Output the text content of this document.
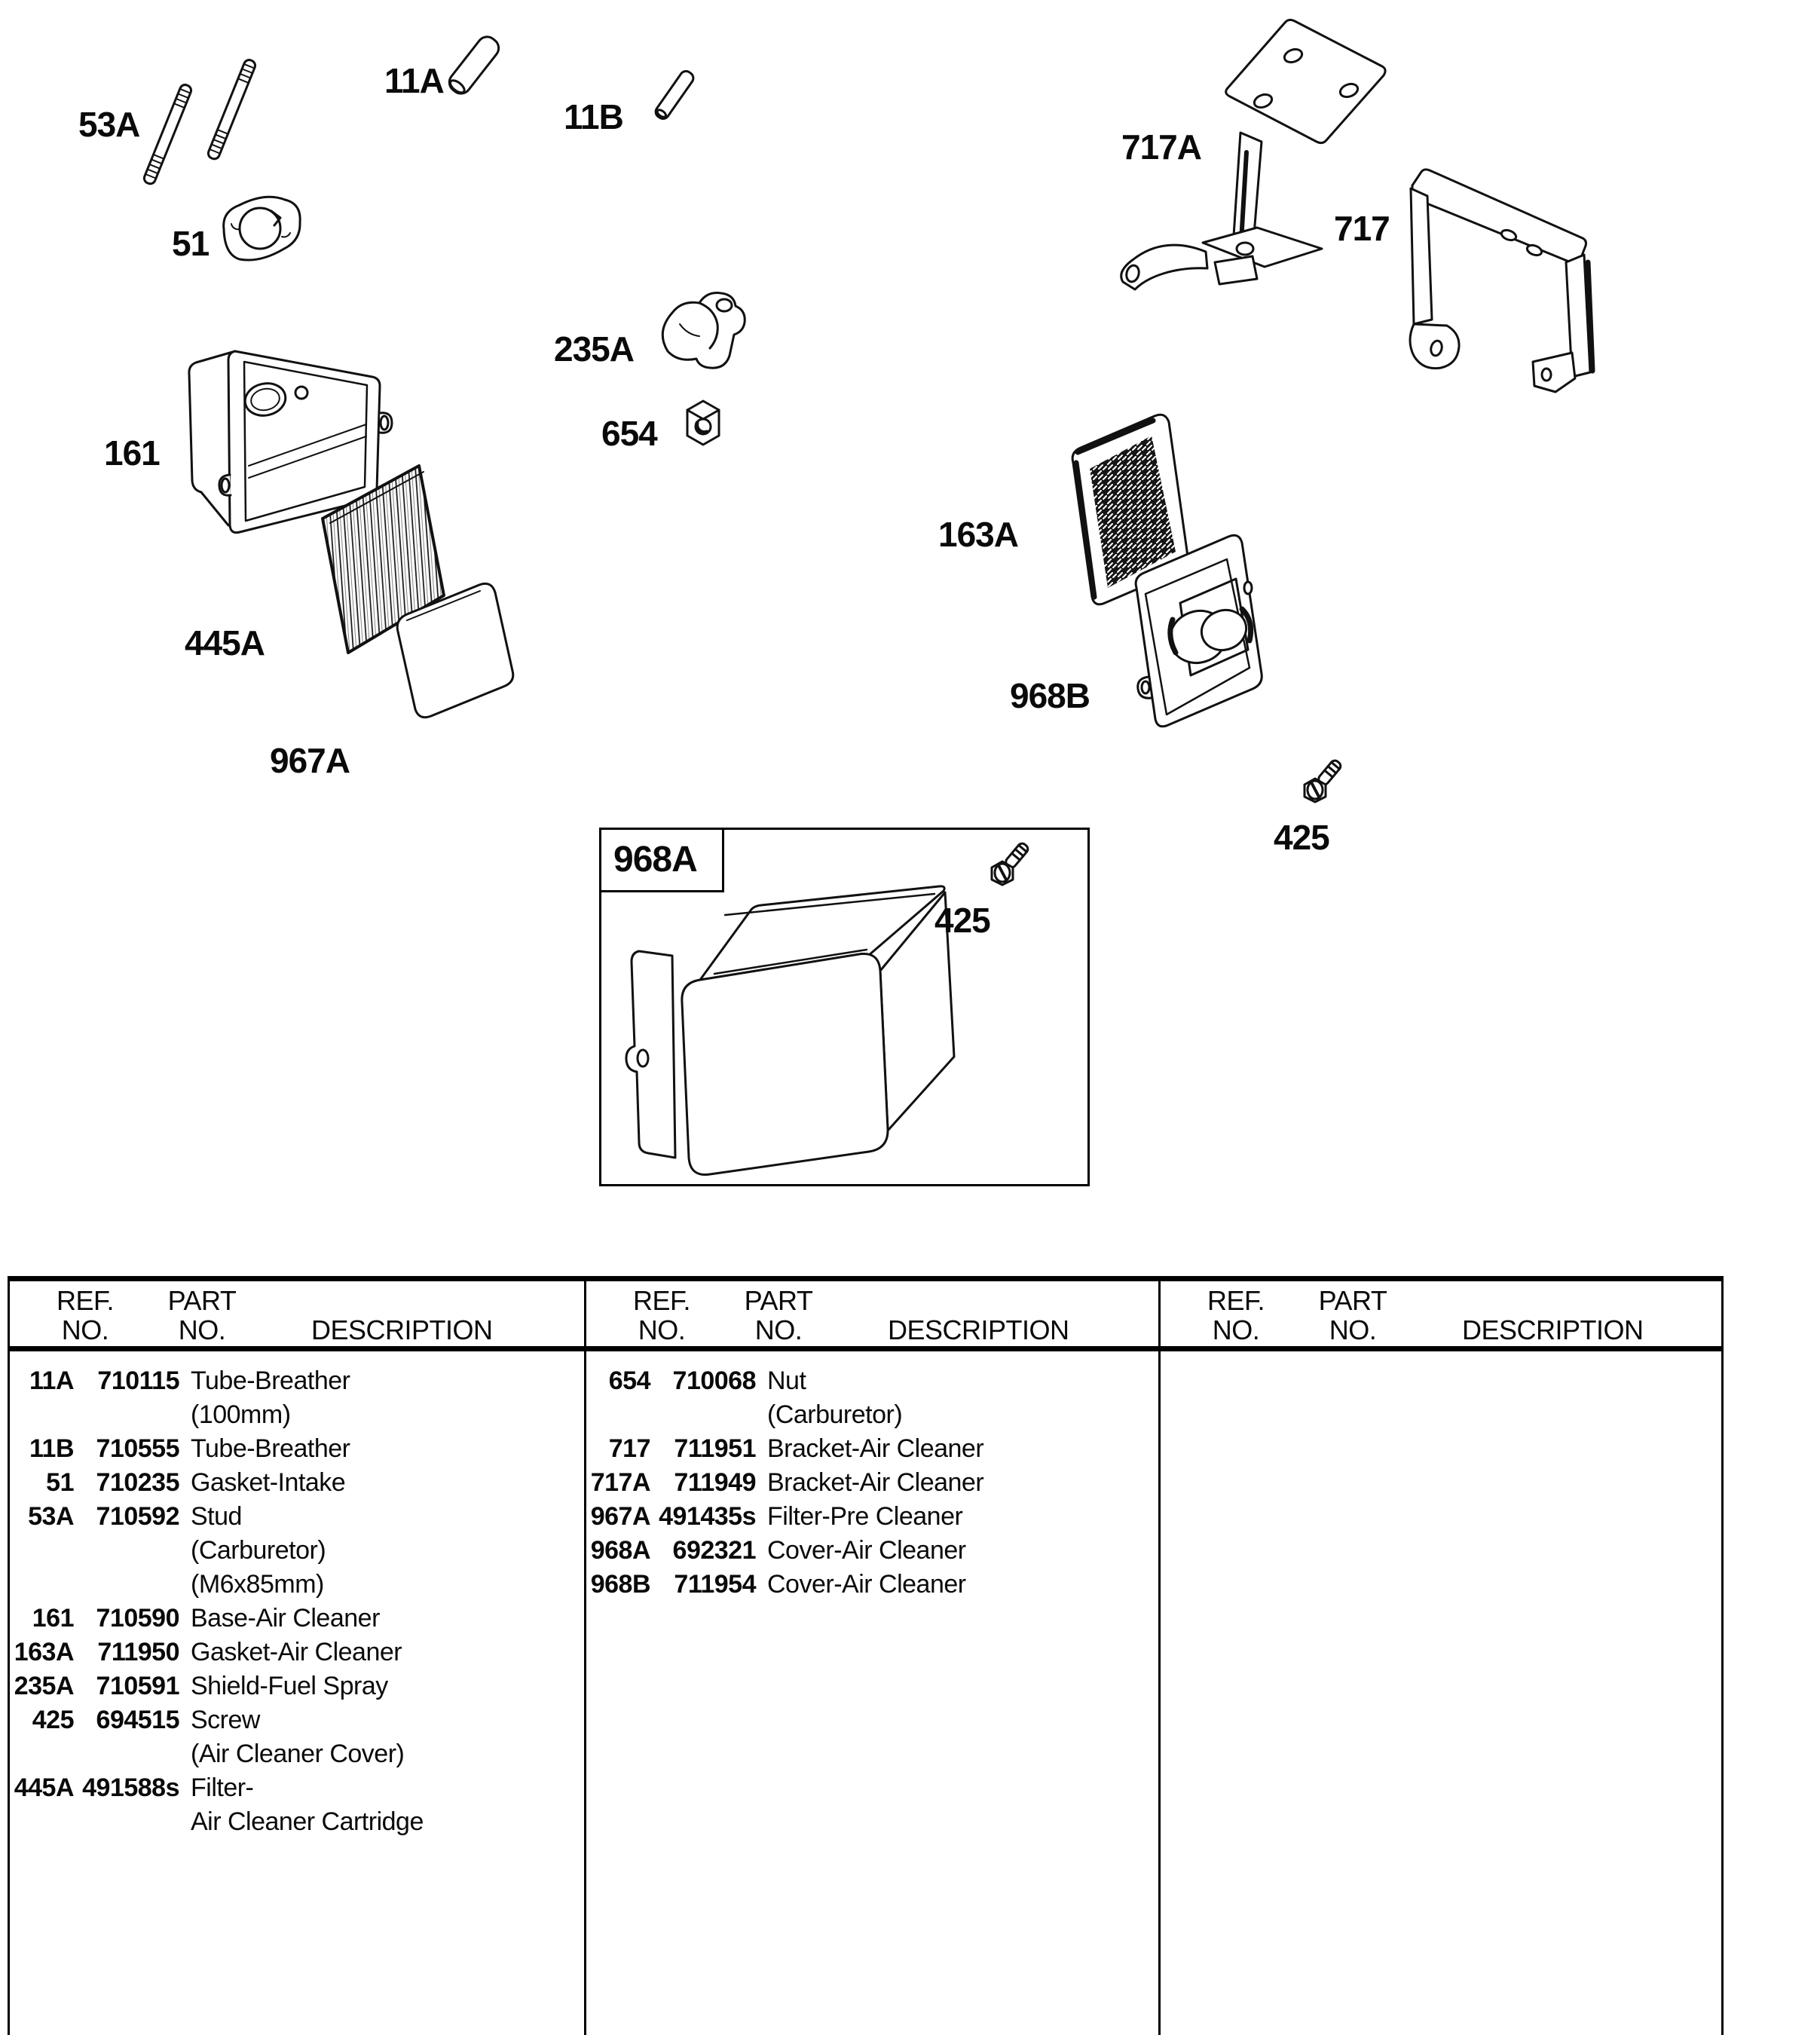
968A
53A
11A
11B
51
235A
654
161
445A
967A
717A
717
163A
968B
425
425
REF.
NO.
PART
NO.	DESCRIPTION
11A 710115 Tube-Breather
(100mm)
11B 710555 Tube-Breather
51 710235 Gasket-Intake
53A 710592 Stud
(Carburetor)
(M6x85mm)
161 710590 Base-Air Cleaner
163A 711950 Gasket-Air Cleaner
235A 710591 Shield-Fuel Spray
425 694515 Screw
(Air Cleaner Cover)
445A 491588s Filter-
Air Cleaner Cartridge
REF.
NO.
PART
NO.	DESCRIPTION
654 710068 Nut
(Carburetor)
717 711951 Bracket-Air Cleaner
717A 711949 Bracket-Air Cleaner
967A 491435s Filter-Pre Cleaner
968A 692321 Cover-Air Cleaner
968B 711954 Cover-Air Cleaner
REF.
NO.
PART
NO.	DESCRIPTION
